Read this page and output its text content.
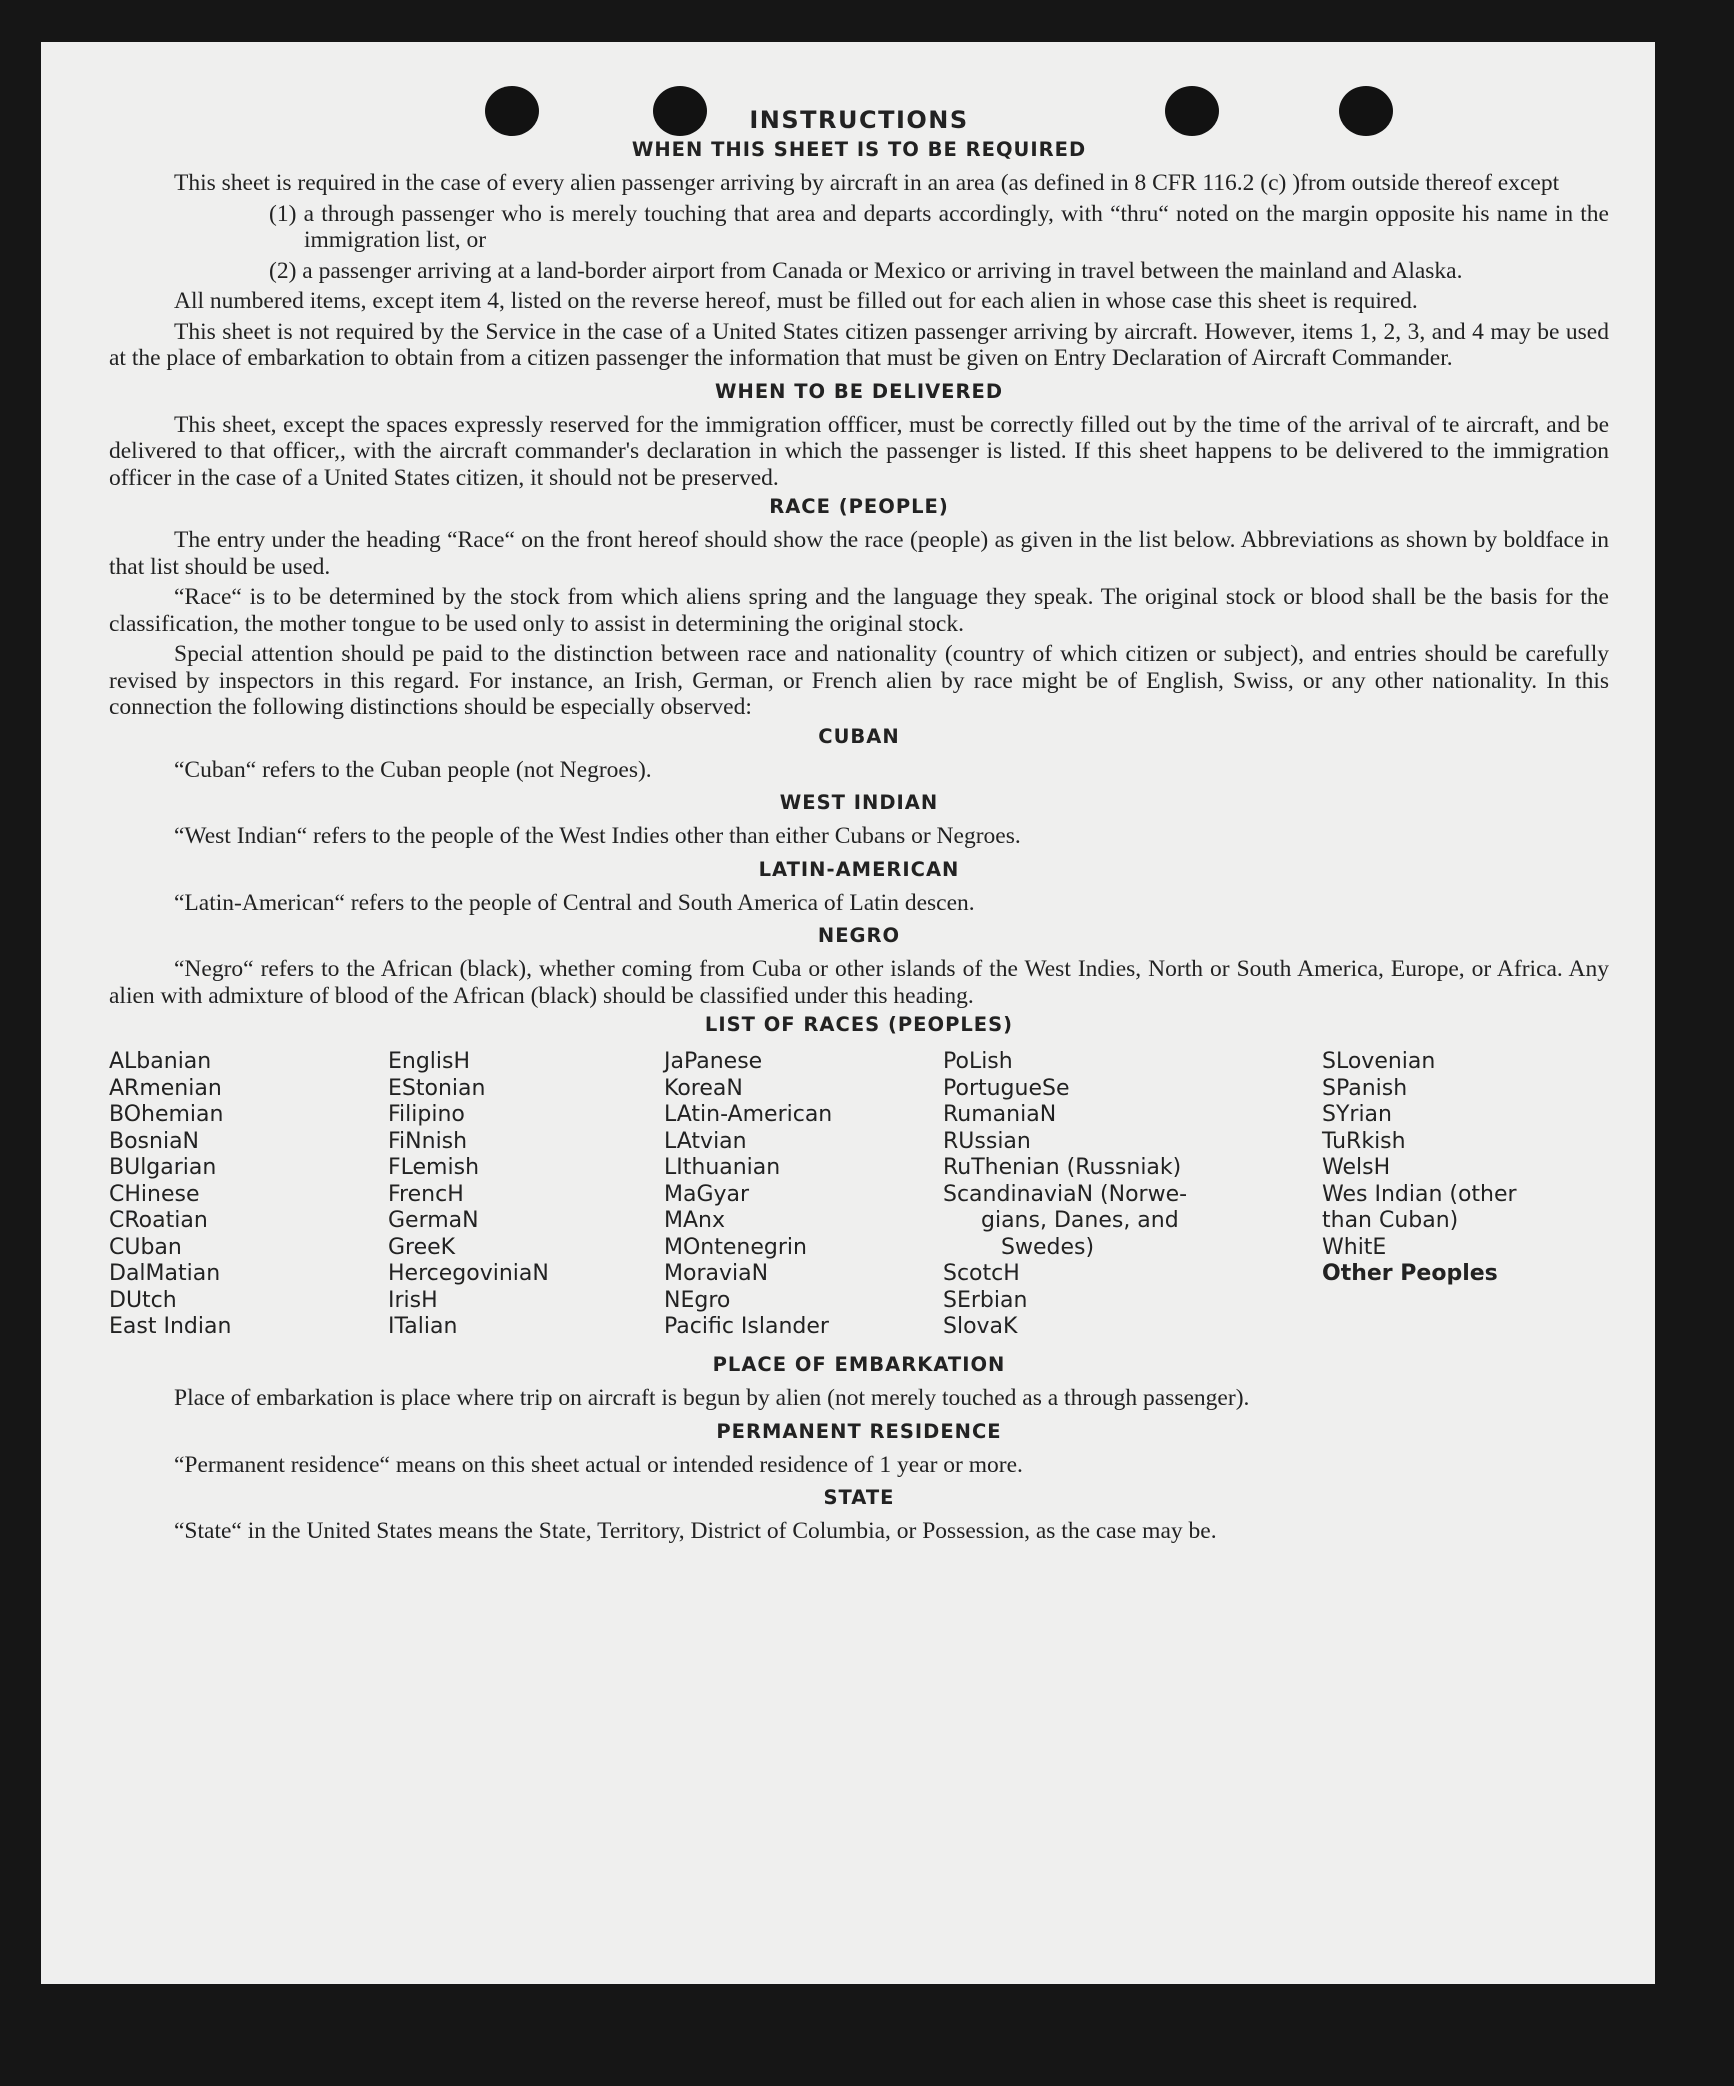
INSTRUCTIONS
WHEN THIS SHEET IS TO BE REQUIRED
This sheet is required in the case of every alien passenger arriving by aircraft in an area (as defined in 8 CFR 116.2 (c) )from outside thereof except
(1) a through passenger who is merely touching that area and departs accordingly, with “thru“ noted on the margin opposite his name in the immigration list, or
(2) a passenger arriving at a land-border airport from Canada or Mexico or arriving in travel between the mainland and Alaska.
All numbered items, except item 4, listed on the reverse hereof, must be filled out for each alien in whose case this sheet is required.
This sheet is not required by the Service in the case of a United States citizen passenger arriving by aircraft. However, items 1, 2, 3, and 4 may be used at the place of embarkation to obtain from a citizen passenger the information that must be given on Entry Declaration of Aircraft Commander.
WHEN TO BE DELIVERED
This sheet, except the spaces expressly reserved for the immigration offficer, must be correctly filled out by the time of the arrival of te aircraft, and be delivered to that officer,, with the aircraft commander's declaration in which the passenger is listed. If this sheet happens to be delivered to the immigration officer in the case of a United States citizen, it should not be preserved.
RACE (PEOPLE)
The entry under the heading “Race“ on the front hereof should show the race (people) as given in the list below. Abbreviations as shown by boldface in that list should be used.
“Race“ is to be determined by the stock from which aliens spring and the language they speak. The original stock or blood shall be the basis for the classification, the mother tongue to be used only to assist in determining the original stock.
Special attention should pe paid to the distinction between race and nationality (country of which citizen or subject), and entries should be carefully revised by inspectors in this regard. For instance, an Irish, German, or French alien by race might be of English, Swiss, or any other nationality. In this connection the following distinctions should be especially observed:
CUBAN
“Cuban“ refers to the Cuban people (not Negroes).
WEST INDIAN
“West Indian“ refers to the people of the West Indies other than either Cubans or Negroes.
LATIN-AMERICAN
“Latin-American“ refers to the people of Central and South America of Latin descen.
NEGRO
“Negro“ refers to the African (black), whether coming from Cuba or other islands of the West Indies, North or South America, Europe, or Africa. Any alien with admixture of blood of the African (black) should be classified under this heading.
LIST OF RACES (PEOPLES)
ALbanian
ARmenian
BOhemian
BosniaN
BUlgarian
CHinese
CRoatian
CUban
DalMatian
DUtch
East Indian
EnglisH
EStonian
Filipino
FiNnish
FLemish
FrencH
GermaN
GreeK
HercegoviniaN
IrisH
ITalian
JaPanese
KoreaN
LAtin-American
LAtvian
LIthuanian
MaGyar
MAnx
MOntenegrin
MoraviaN
NEgro
Pacific Islander
PoLish
PortugueSe
RumaniaN
RUssian
RuThenian (Russniak)
ScandinaviaN (Norwe-
gians, Danes, and
Swedes)
ScotcH
SErbian
SlovaK
SLovenian
SPanish
SYrian
TuRkish
WelsH
Wes Indian (other
than Cuban)
WhitE
Other Peoples
PLACE OF EMBARKATION
Place of embarkation is place where trip on aircraft is begun by alien (not merely touched as a through passenger).
PERMANENT RESIDENCE
“Permanent residence“ means on this sheet actual or intended residence of 1 year or more.
STATE
“State“ in the United States means the State, Territory, District of Columbia, or Possession, as the case may be.
